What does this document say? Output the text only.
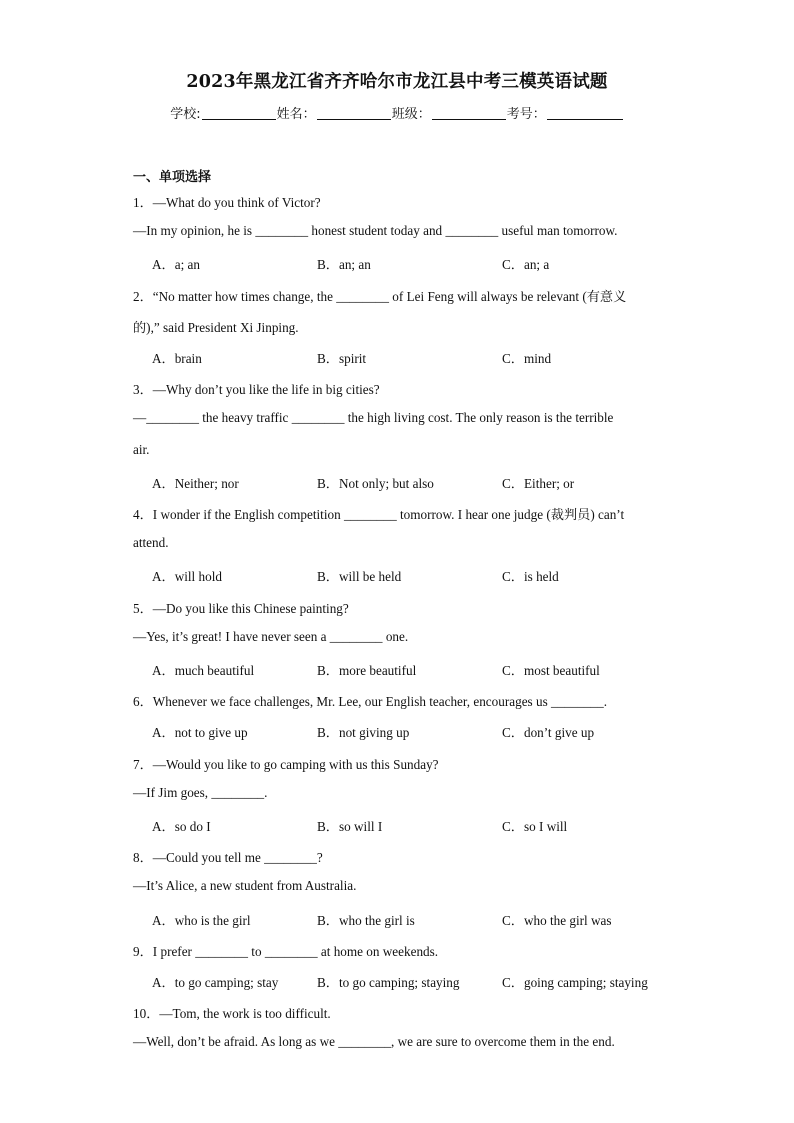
2023年黑龙江省齐齐哈尔市龙江县中考三模英语试题
学校:	姓名：	班级：	考号：
一、单项选择
1．—What do you think of Victor?
—In my opinion, he is ________ honest student today and ________ useful man tomorrow.
A．a; an	B．an; an	C．an; a
2．“No matter how times change, the ________ of Lei Feng will always be relevant (有意义
的),” said President Xi Jinping.
A．brain	B．spirit	C．mind
3．—Why don’t you like the life in big cities?
—________ the heavy traffic ________ the high living cost. The only reason is the terrible
air.
A．Neither; nor	B．Not only; but also	C．Either; or
4．I wonder if the English competition ________ tomorrow. I hear one judge (裁判员) can’t
attend.
A．will hold	B．will be held	C．is held
5．—Do you like this Chinese painting?
—Yes, it’s great! I have never seen a ________ one.
A．much beautiful	B．more beautiful	C．most beautiful
6．Whenever we face challenges, Mr. Lee, our English teacher, encourages us ________.
A．not to give up	B．not giving up	C．don’t give up
7．—Would you like to go camping with us this Sunday?
—If Jim goes, ________.
A．so do I	B．so will I	C．so I will
8．—Could you tell me ________?
—It’s Alice, a new student from Australia.
A．who is the girl	B．who the girl is	C．who the girl was
9．I prefer ________ to ________ at home on weekends.
A．to go camping; stay	B．to go camping; staying	C．going camping; staying
10．—Tom, the work is too difficult.
—Well, don’t be afraid. As long as we ________, we are sure to overcome them in the end.
